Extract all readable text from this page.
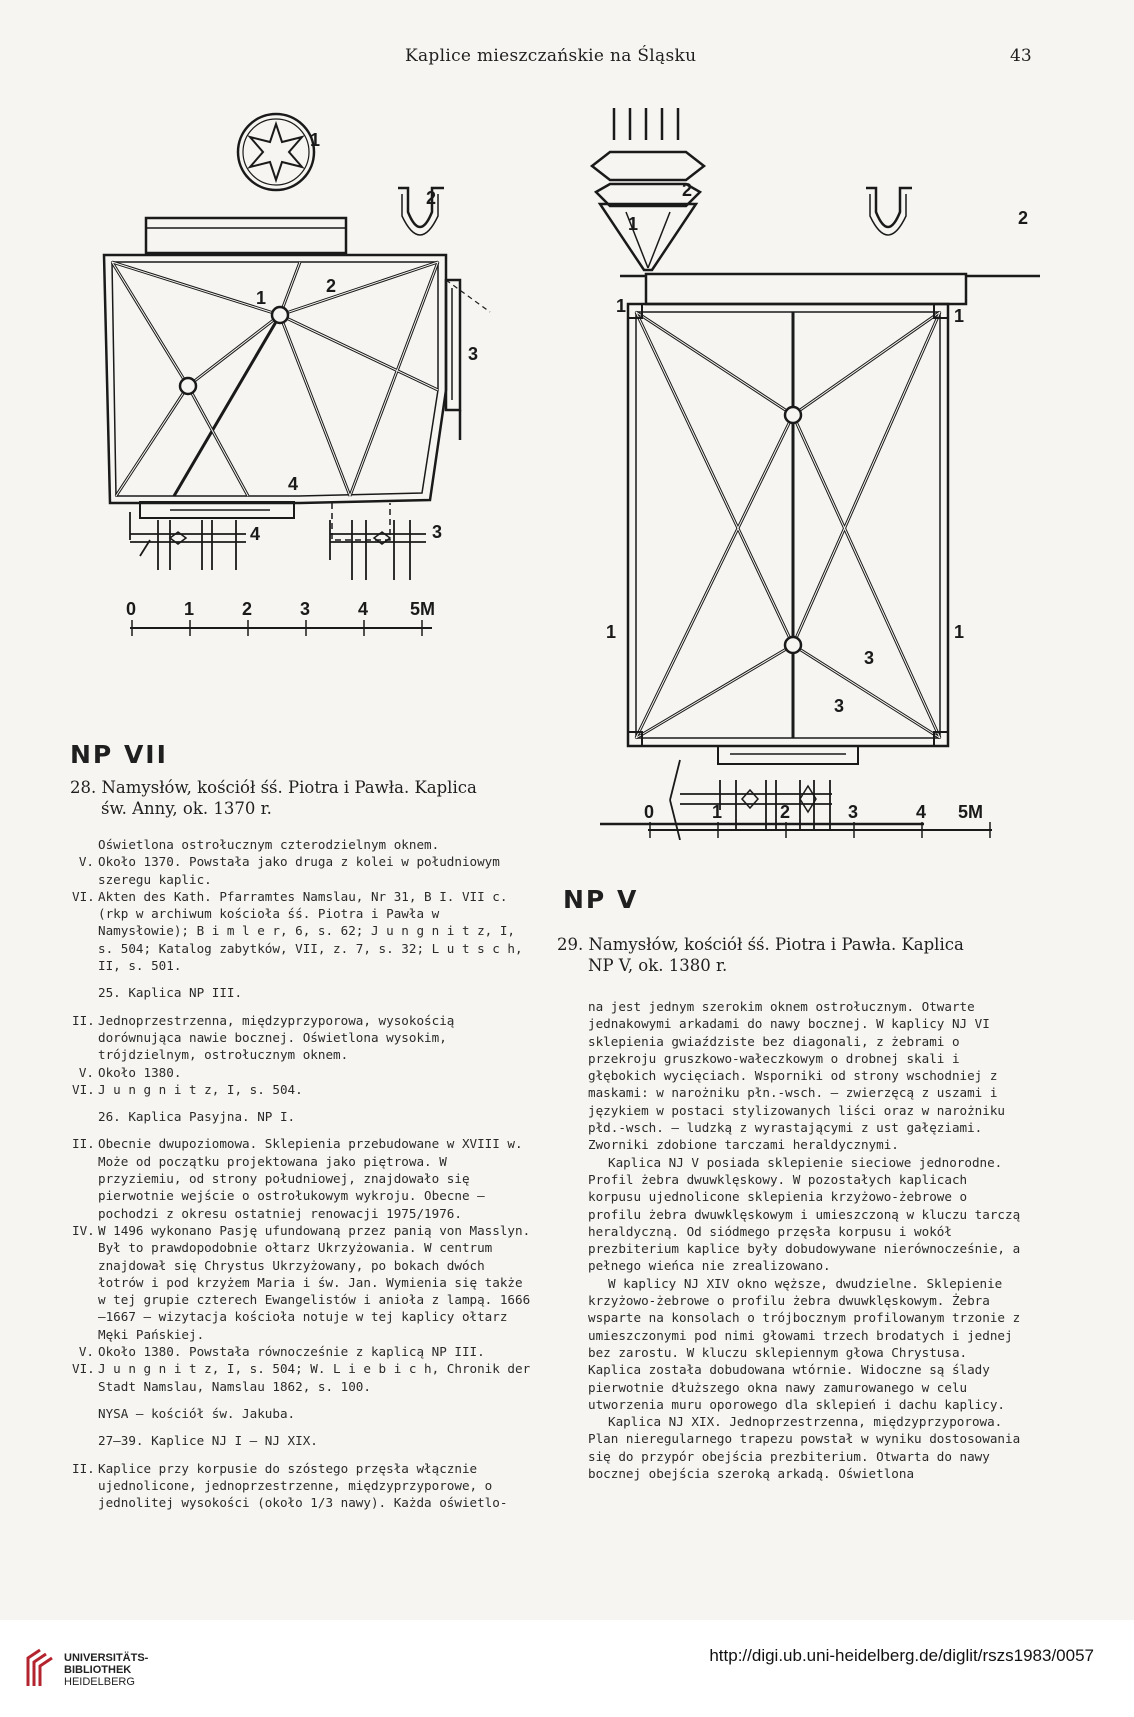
Kaplice mieszczańskie na Śląsku	43
1
2
1
2
3
4
4	3
0	1	2	3	4 5M
NP VII
28. Namysłów, kościół śś. Piotra i Pawła. Kaplica
św. Anny, ok. 1370 r.
1	2
2
1	1
1	1
3
3
0	1	2	3	4 5M
NP V
29. Namysłów, kościół śś. Piotra i Pawła. Kaplica
NP V, ok. 1380 r.
Oświetlona ostrołucznym czterodzielnym oknem.
V. Około 1370. Powstała jako druga z kolei w południowym szeregu kaplic.
VI. Akten des Kath. Pfarramtes Namslau, Nr 31, B I. VII c. (rkp w archiwum kościoła śś. Piotra i Pawła w Namysłowie); B i m l e r, 6, s. 62; J u n g n i t z, I, s. 504; Katalog zabytków, VII, z. 7, s. 32; L u t s c h, II, s. 501.
25. Kaplica NP III.
II. Jednoprzestrzenna, międzyprzyporowa, wysokością dorównująca nawie bocznej. Oświetlona wysokim, trójdzielnym, ostrołucznym oknem.
V. Około 1380.
VI. J u n g n i t z, I, s. 504.
26. Kaplica Pasyjna. NP I.
II. Obecnie dwupoziomowa. Sklepienia przebudowane w XVIII w. Może od początku projektowana jako piętrowa. W przyziemiu, od strony południowej, znajdowało się pierwotnie wejście o ostrołukowym wykroju. Obecne — pochodzi z okresu ostatniej renowacji 1975/1976.
IV. W 1496 wykonano Pasję ufundowaną przez panią von Masslyn. Był to prawdopodobnie ołtarz Ukrzyżowania. W centrum znajdował się Chrystus Ukrzyżowany, po bokach dwóch łotrów i pod krzyżem Maria i św. Jan. Wymienia się także w tej grupie czterech Ewangelistów i anioła z lampą. 1666—1667 — wizytacja kościoła notuje w tej kaplicy ołtarz Męki Pańskiej.
V. Około 1380. Powstała równocześnie z kaplicą NP III.
VI. J u n g n i t z, I, s. 504; W. L i e b i c h, Chronik der Stadt Namslau, Namslau 1862, s. 100.
NYSA — kościół św. Jakuba.
27—39. Kaplice NJ I — NJ XIX.
II. Kaplice przy korpusie do szóstego przęsła włącznie ujednolicone, jednoprzestrzenne, międzyprzyporowe, o jednolitej wysokości (około 1/3 nawy). Każda oświetlo-
na jest jednym szerokim oknem ostrołucznym. Otwarte jednakowymi arkadami do nawy bocznej. W kaplicy NJ VI sklepienia gwiaździste bez diagonali, z żebrami o przekroju gruszkowo-wałeczkowym o drobnej skali i głębokich wycięciach. Wsporniki od strony wschodniej z maskami: w narożniku płn.-wsch. — zwierzęcą z uszami i językiem w postaci stylizowanych liści oraz w narożniku płd.-wsch. — ludzką z wyrastającymi z ust gałęziami. Zworniki zdobione tarczami heraldycznymi.
Kaplica NJ V posiada sklepienie sieciowe jednorodne. Profil żebra dwuwklęskowy. W pozostałych kaplicach korpusu ujednolicone sklepienia krzyżowo-żebrowe o profilu żebra dwuwklęskowym i umieszczoną w kluczu tarczą heraldyczną. Od siódmego przęsła korpusu i wokół prezbiterium kaplice były dobudowywane nierównocześnie, a pełnego wieńca nie zrealizowano.
W kaplicy NJ XIV okno węższe, dwudzielne. Sklepienie krzyżowo-żebrowe o profilu żebra dwuwklęskowym. Żebra wsparte na konsolach o trójbocznym profilowanym trzonie z umieszczonymi pod nimi głowami trzech brodatych i jednej bez zarostu. W kluczu sklepiennym głowa Chrystusa. Kaplica została dobudowana wtórnie. Widoczne są ślady pierwotnie dłuższego okna nawy zamurowanego w celu utworzenia muru oporowego dla sklepień i dachu kaplicy.
Kaplica NJ XIX. Jednoprzestrzenna, międzyprzyporowa. Plan nieregularnego trapezu powstał w wyniku dostosowania się do przypór obejścia prezbiterium. Otwarta do nawy bocznej obejścia szeroką arkadą. Oświetlona
UNIVERSITÄTS-
BIBLIOTHEK
HEIDELBERG
http://digi.ub.uni-heidelberg.de/diglit/rszs1983/0057
